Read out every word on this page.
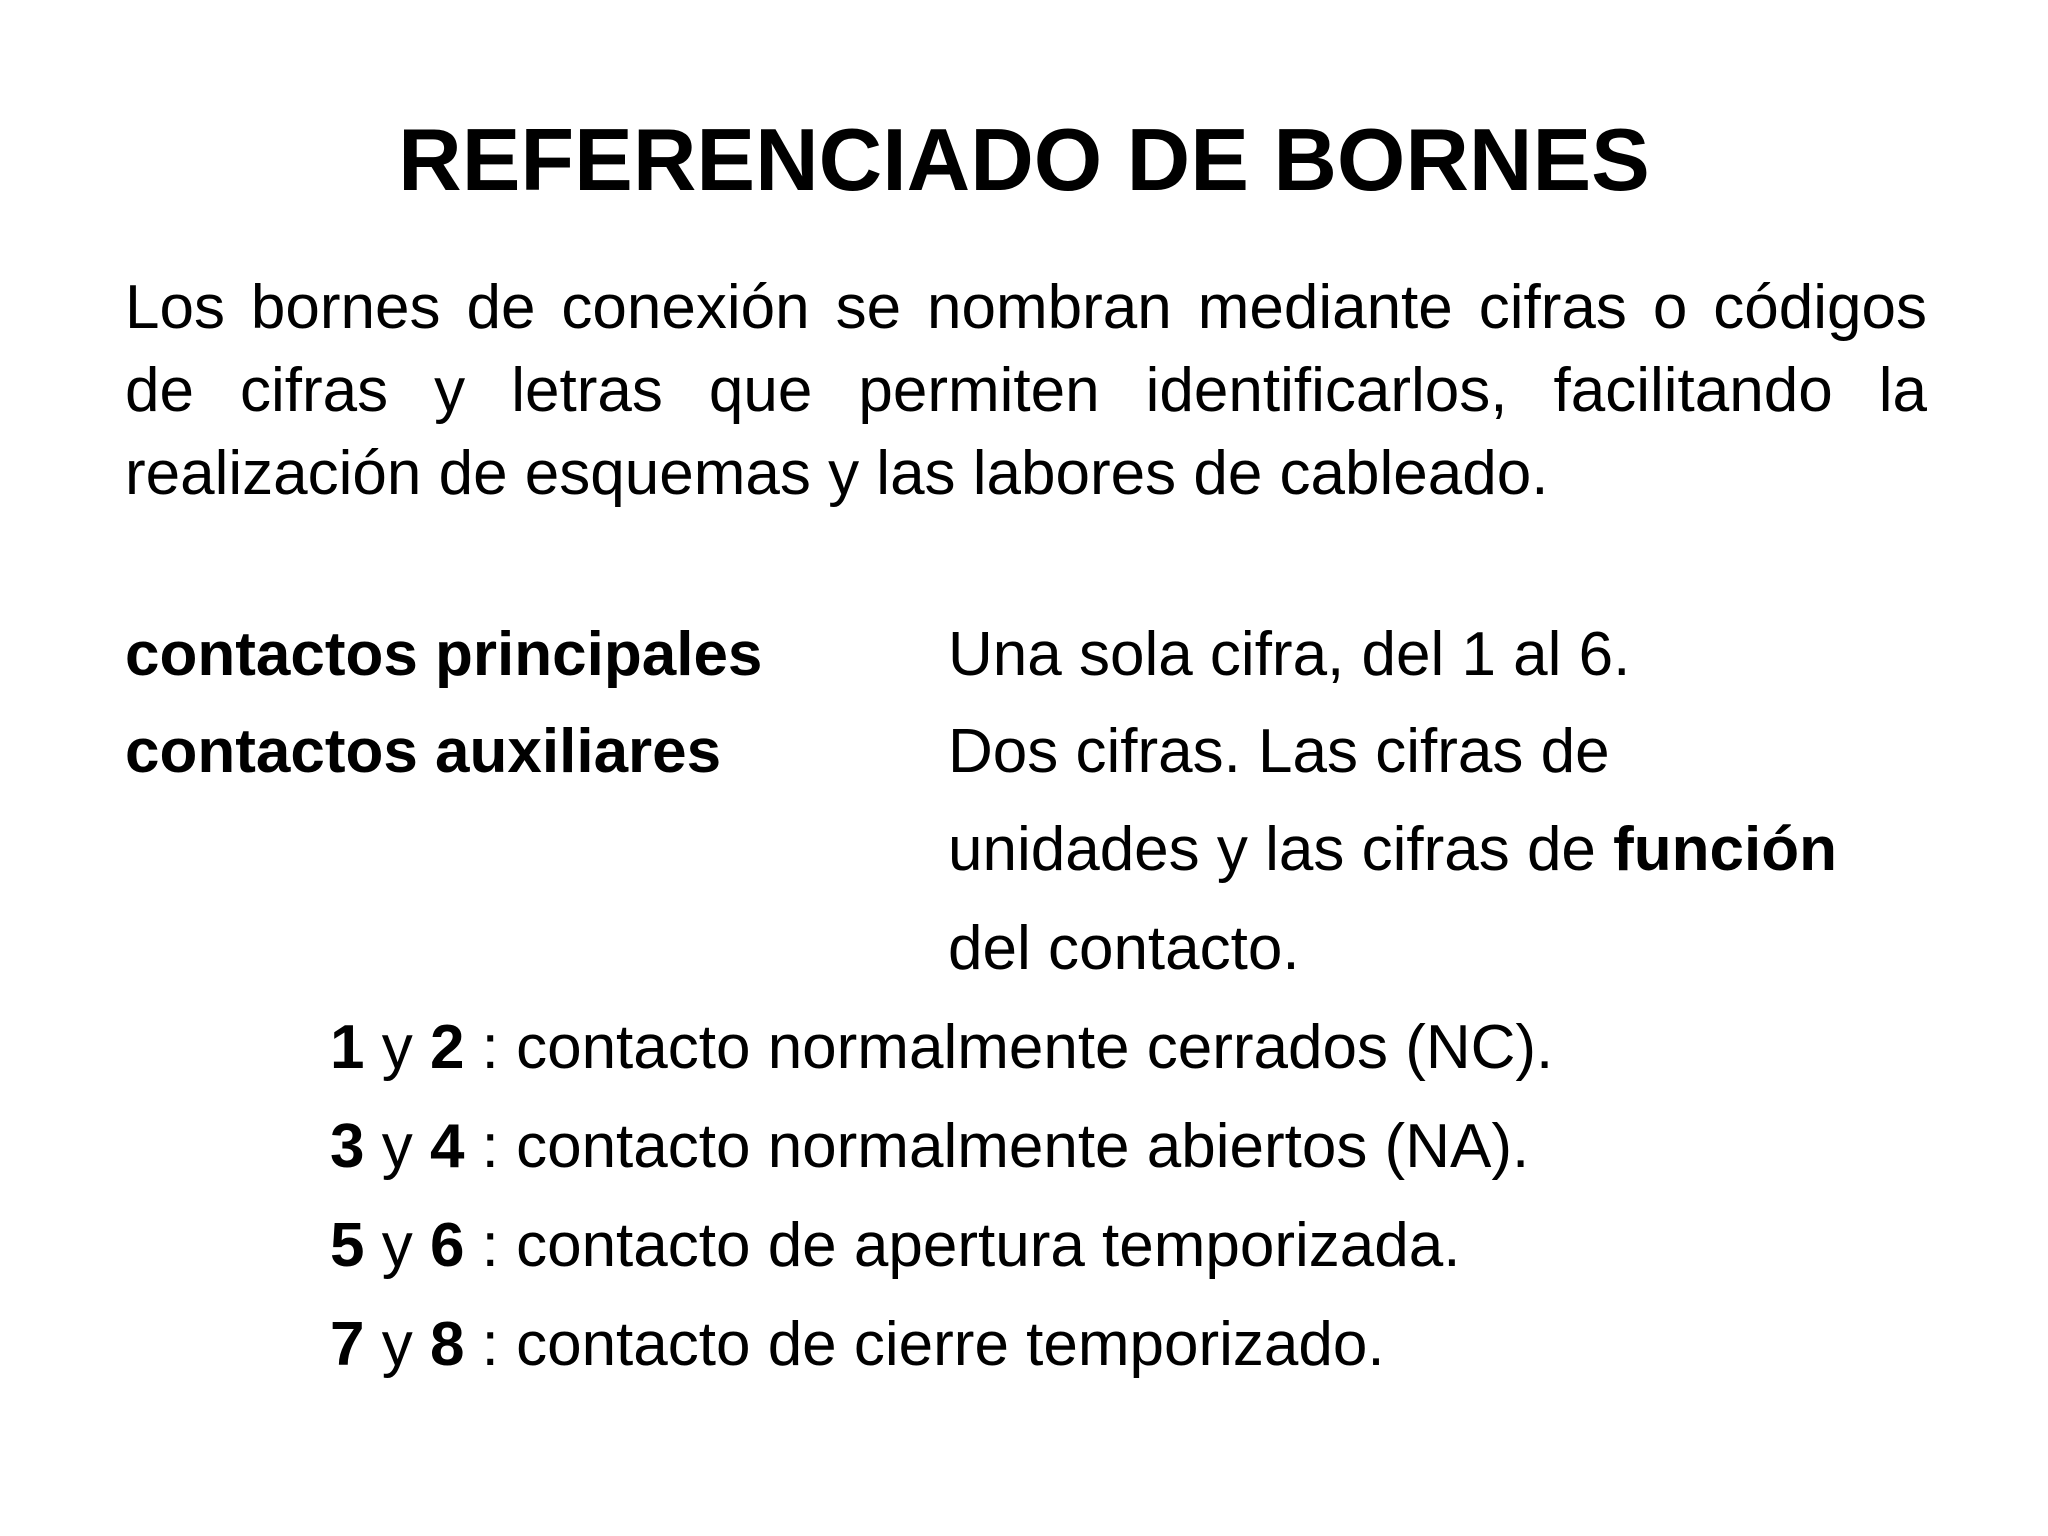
REFERENCIADO DE BORNES

Los bornes de conexión se nombran mediante cifras o códigos de cifras y letras que permiten identificarlos, facilitando la realización de esquemas y las labores de cableado.

contactos principales	Una sola cifra, del 1 al 6.
contactos auxiliares	Dos cifras. Las cifras de
unidades y las cifras de función
del contacto.
1 y 2 : contacto normalmente cerrados (NC).
3 y 4 : contacto normalmente abiertos (NA).
5 y 6 : contacto de apertura temporizada.
7 y 8 : contacto de cierre temporizado.
